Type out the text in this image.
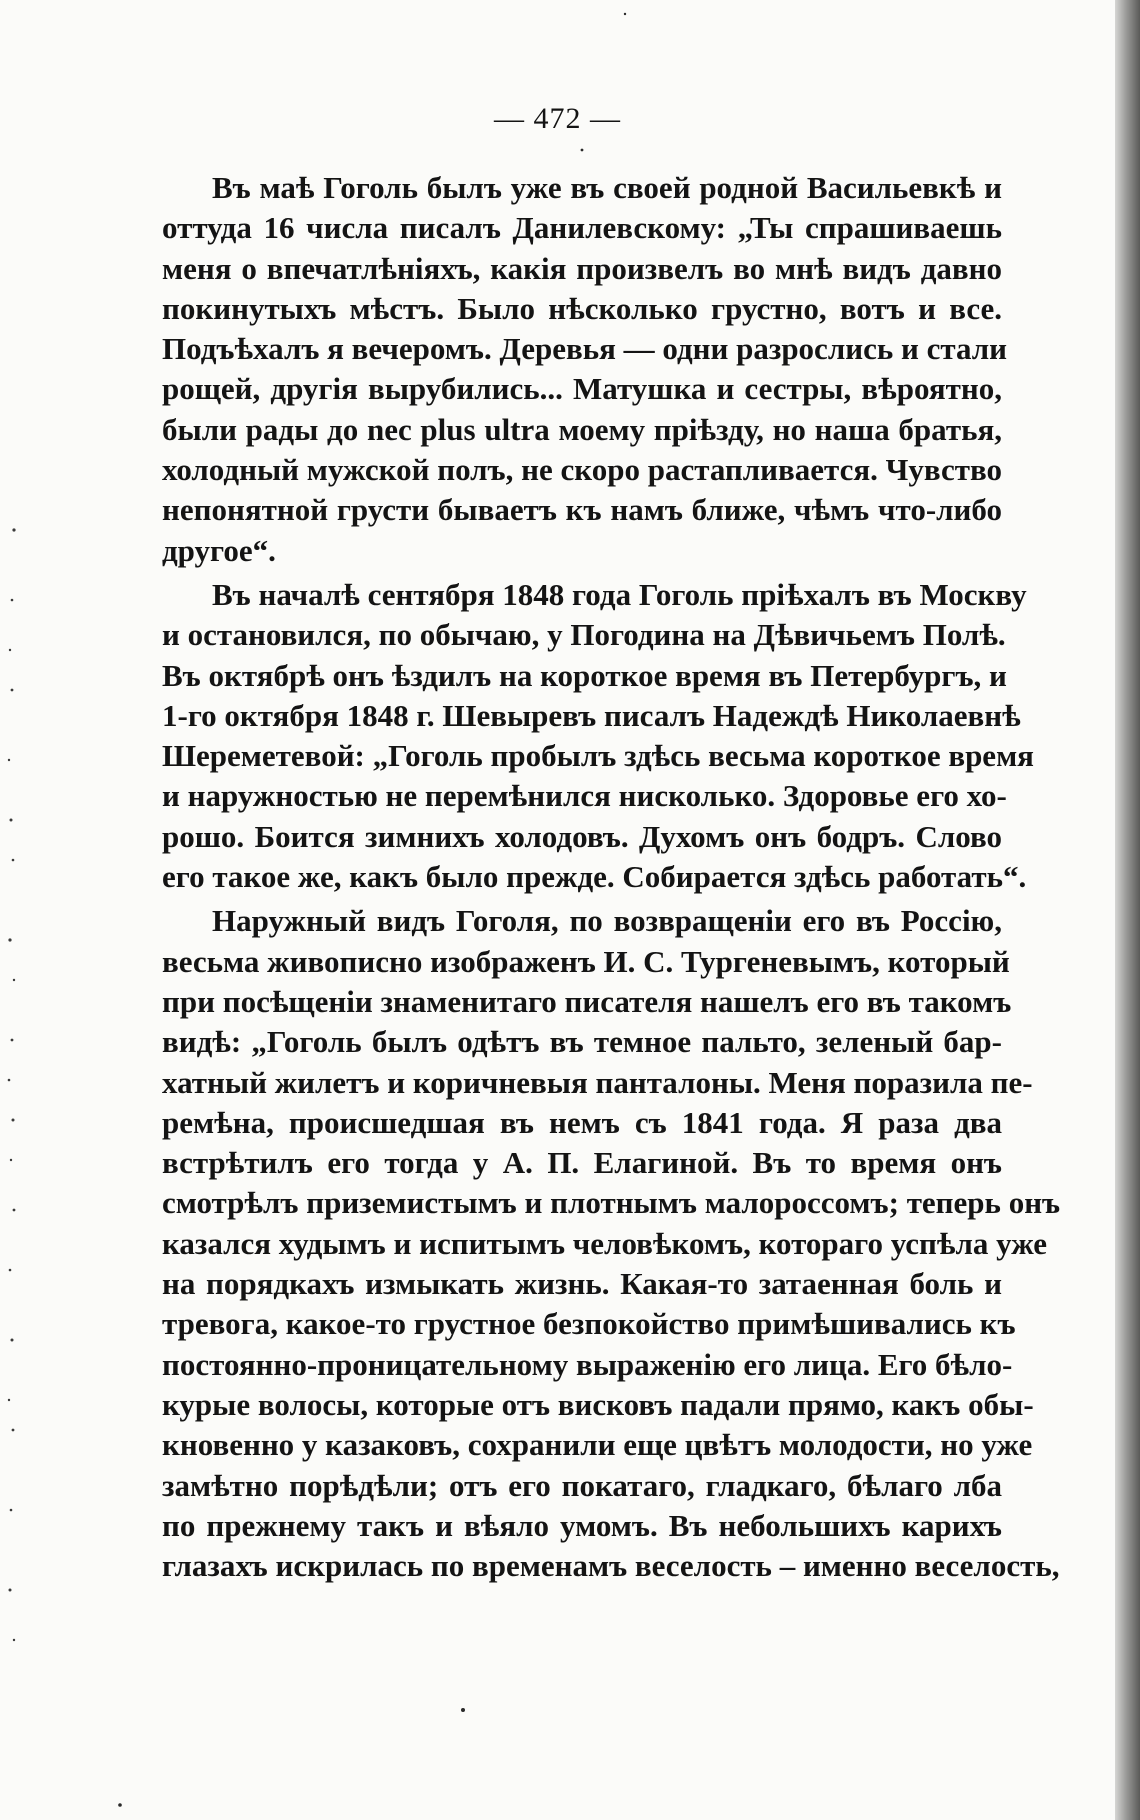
— 472 —
Въ маѣ Гоголь былъ уже въ своей родной Васильевкѣ и
оттуда 16 числа писалъ Данилевскому: „Ты спрашиваешь
меня о впечатлѣніяхъ, какія произвелъ во мнѣ видъ давно
покинутыхъ мѣстъ. Было нѣсколько грустно, вотъ и все.
Подъѣхалъ я вечеромъ. Деревья — одни разрослись и стали
рощей, другія вырубились... Матушка и сестры, вѣроятно,
были рады до nec plus ultra моему пріѣзду, но наша братья,
холодный мужской полъ, не скоро растапливается. Чувство
непонятной грусти бываетъ къ намъ ближе, чѣмъ что-либо
другое“.
Въ началѣ сентября 1848 года Гоголь пріѣхалъ въ Москву
и остановился, по обычаю, у Погодина на Дѣвичьемъ Полѣ.
Въ октябрѣ онъ ѣздилъ на короткое время въ Петербургъ, и
1-го октября 1848 г. Шевыревъ писалъ Надеждѣ Николаевнѣ
Шереметевой: „Гоголь пробылъ здѣсь весьма короткое время
и наружностью не перемѣнился нисколько. Здоровье его хо-
рошо. Боится зимнихъ холодовъ. Духомъ онъ бодръ. Слово
его такое же, какъ было прежде. Собирается здѣсь работать“.
Наружный видъ Гоголя, по возвращеніи его въ Россію,
весьма живописно изображенъ И. С. Тургеневымъ, который
при посѣщеніи знаменитаго писателя нашелъ его въ такомъ
видѣ: „Гоголь былъ одѣтъ въ темное пальто, зеленый бар-
хатный жилетъ и коричневыя панталоны. Меня поразила пе-
ремѣна, происшедшая въ немъ съ 1841 года. Я раза два
встрѣтилъ его тогда у А. П. Елагиной. Въ то время онъ
смотрѣлъ приземистымъ и плотнымъ малороссомъ; теперь онъ
казался худымъ и испитымъ человѣкомъ, котораго успѣла уже
на порядкахъ измыкать жизнь. Какая-то затаенная боль и
тревога, какое-то грустное безпокойство примѣшивались къ
постоянно-проницательному выраженію его лица. Его бѣло-
курые волосы, которые отъ висковъ падали прямо, какъ обы-
кновенно у казаковъ, сохранили еще цвѣтъ молодости, но уже
замѣтно порѣдѣли; отъ его покатаго, гладкаго, бѣлаго лба
по прежнему такъ и вѣяло умомъ. Въ небольшихъ карихъ
глазахъ искрилась по временамъ веселость – именно веселость,
